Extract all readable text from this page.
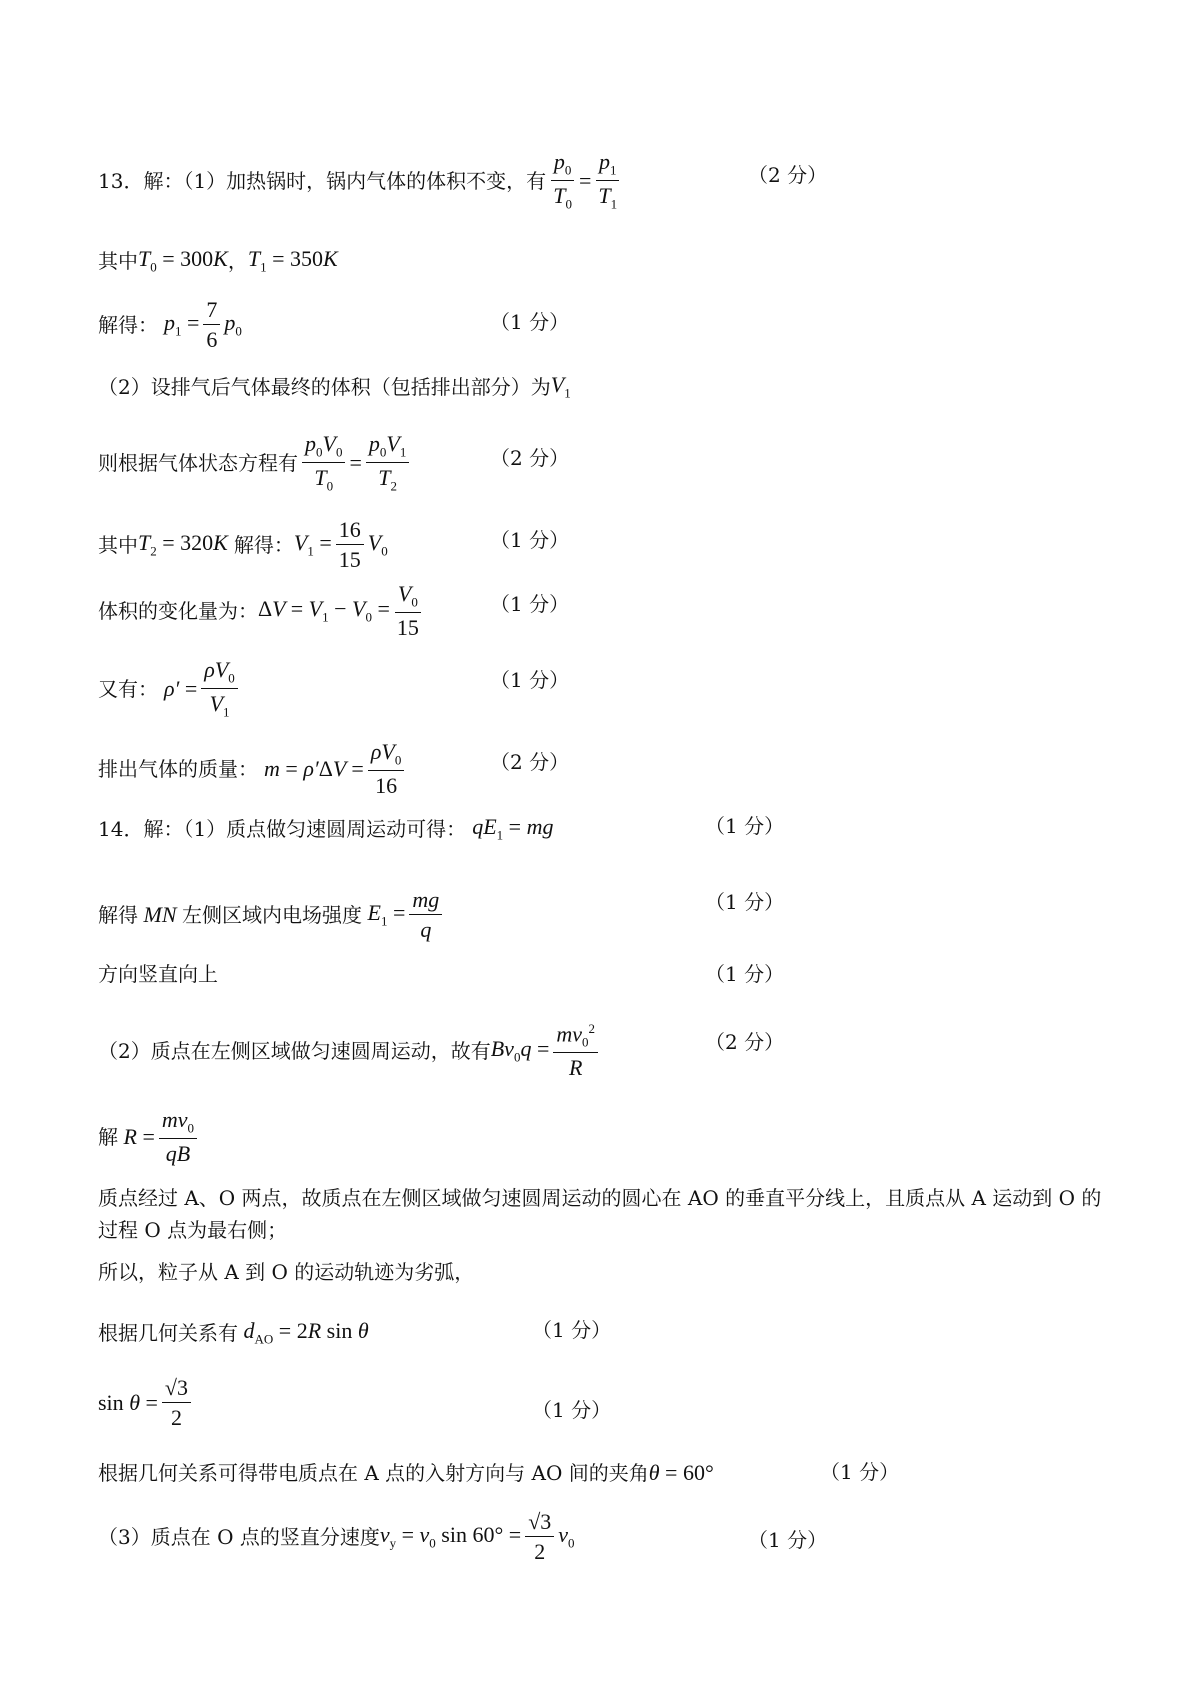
13．解：（1）加热锅时，锅内气体的体积不变，有 $\frac{p_0}{T_0} = \frac{p_1}{T_1}$	（2 分）
其中 $T_0 = 300K$ ， $T_1 = 350K$
解得： $p_1 = \frac{7}{6} p_0$	（1 分）
（2）设排气后气体最终的体积（包括排出部分）为 $V_1$
则根据气体状态方程有 $\frac{p_0V_0}{T_0} = \frac{p_0V_1}{T_2}$	（2 分）
其中 $T_2 = 320K$ 解得： $V_1 = \frac{16}{15} V_0$	（1 分）
体积的变化量为： $\Delta V = V_1 - V_0 = \frac{V_0}{15}$	（1 分）
又有： $\rho' = \frac{\rho V_0}{V_1}$	（1 分）
排出气体的质量： $m = \rho'\Delta V = \frac{\rho V_0}{16}$	（2 分）
14．解：（1）质点做匀速圆周运动可得： $qE_1$ = mg	（1 分）
解得 MN 左侧区域内电场强度 $E_1 = \frac{mg}{q}$	（1 分）
方向竖直向上	（1 分）
（2）质点在左侧区域做匀速圆周运动，故有 $Bv_0q = \frac{mv_0^2}{R}$	（2 分）
解 $R = \frac{mv_0}{qB}$
质点经过 A、O 两点，故质点在左侧区域做匀速圆周运动的圆心在 AO 的垂直平分线上，且质点从 A 运动到 O 的过程 O 点为最右侧；
所以，粒子从 A 到 O 的运动轨迹为劣弧，
根据几何关系有 $d_{AO} = 2R$ sin θ	（1 分）
$\sin \theta = \frac{√3}{2}$	（1 分）
根据几何关系可得带电质点在 A 点的入射方向与 AO 间的夹角 θ = 60°	（1 分）
（3）质点在 O 点的竖直分速度 $v_y = v_0$ $\sin 60^\circ = \frac{√3}{2} v_0$	（1 分）
